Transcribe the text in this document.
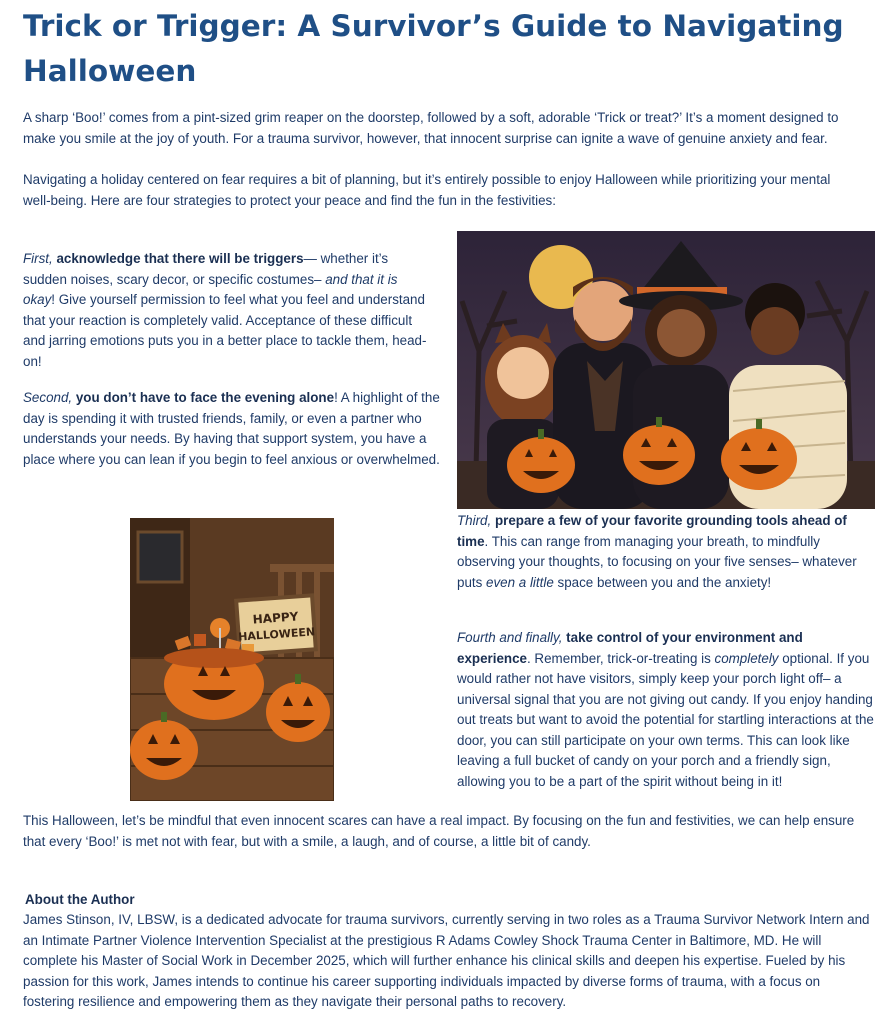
Trick or Trigger: A Survivor’s Guide to Navigating Halloween

A sharp ‘Boo!’ comes from a pint-sized grim reaper on the doorstep, followed by a soft, adorable ‘Trick or treat?’ It’s a moment designed to make you smile at the joy of youth. For a trauma survivor, however, that innocent surprise can ignite a wave of genuine anxiety and fear.

Navigating a holiday centered on fear requires a bit of planning, but it’s entirely possible to enjoy Halloween while prioritizing your mental well-being. Here are four strategies to protect your peace and find the fun in the festivities:

First, acknowledge that there will be triggers— whether it’s sudden noises, scary decor, or specific costumes– and that it is okay! Give yourself permission to feel what you feel and understand that your reaction is completely valid. Acceptance of these difficult and jarring emotions puts you in a better place to tackle them, head-on!

Second, you don’t have to face the evening alone! A highlight of the day is spending it with trusted friends, family, or even a partner who understands your needs. By having that support system, you have a place where you can lean if you begin to feel anxious or overwhelmed.

Third, prepare a few of your favorite grounding tools ahead of time. This can range from managing your breath, to mindfully observing your thoughts, to focusing on your five senses– whatever puts even a little space between you and the anxiety!

HAPPY
HALLOWEEN	Fourth and finally, take control of your environment and experience. Remember, trick-or-treating is completely optional. If you would rather not have visitors, simply keep your porch light off– a universal signal that you are not giving out candy. If you enjoy handing out treats but want to avoid the potential for startling interactions at the door, you can still participate on your own terms. This can look like leaving a full bucket of candy on your porch and a friendly sign, allowing you to be a part of the spirit without being in it!

This Halloween, let’s be mindful that even innocent scares can have a real impact. By focusing on the fun and festivities, we can help ensure that every ‘Boo!’ is met not with fear, but with a smile, a laugh, and of course, a little bit of candy.

About the Author

James Stinson, IV, LBSW, is a dedicated advocate for trauma survivors, currently serving in two roles as a Trauma Survivor Network Intern and an Intimate Partner Violence Intervention Specialist at the prestigious R Adams Cowley Shock Trauma Center in Baltimore, MD. He will complete his Master of Social Work in December 2025, which will further enhance his clinical skills and deepen his expertise. Fueled by his passion for this work, James intends to continue his career supporting individuals impacted by diverse forms of trauma, with a focus on fostering resilience and empowering them as they navigate their personal paths to recovery.
